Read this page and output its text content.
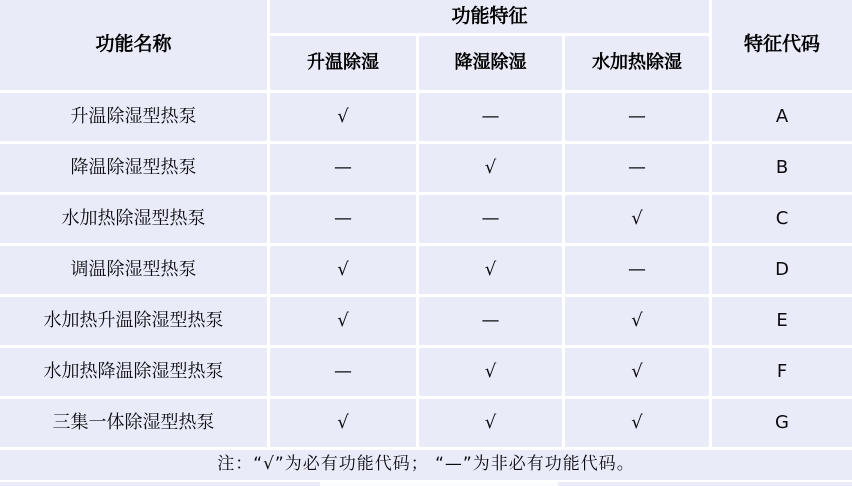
功能名称
功能特征
特征代码
升温除湿	降湿除湿	水加热除湿
升温除湿型热泵	√	—	—	A
降温除湿型热泵	—	√	—	B
水加热除湿型热泵	—	—	√	C
调温除湿型热泵	√	√	—	D
水加热升温除湿型热泵	√	—	√	E
水加热降温除湿型热泵	—	√	√	F
三集一体除湿型热泵	√	√	√	G
注：“√”为必有功能代码； “—”为非必有功能代码。
